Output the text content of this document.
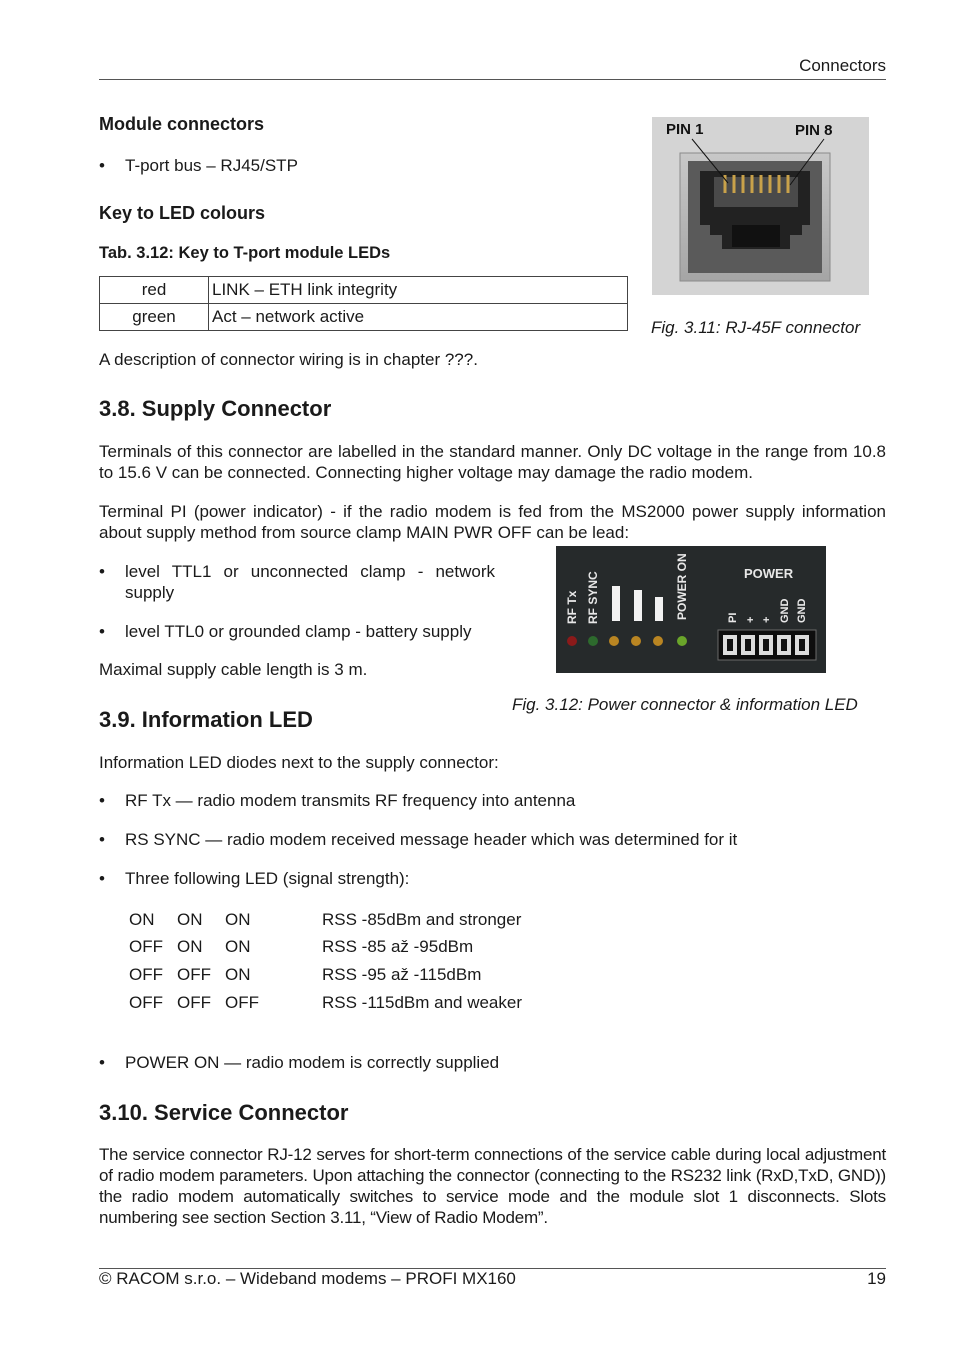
Connectors
Module connectors
• T-port bus – RJ45/STP
Key to LED colours
Tab. 3.12: Key to T-port module LEDs
red	LINK – ETH link integrity
green	Act – network active
A description of connector wiring is in chapter ???.
PIN 1	PIN 8
Fig. 3.11: RJ-45F connector
3.8. Supply Connector
Terminals of this connector are labelled in the standard manner. Only DC voltage in the range from 10.8 to 15.6 V can be connected. Connecting higher voltage may damage the radio modem.
Terminal PI (power indicator) - if the radio modem is fed from the MS2000 power supply information about supply method from source clamp MAIN PWR OFF can be lead:
• level TTL1 or unconnected clamp - network supply
• level TTL0 or grounded clamp - battery supply
Maximal supply cable length is 3 m.
RF Tx RF SYNC	POWER ON	POWER
PI + + GND GND
Fig. 3.12: Power connector & information LED
3.9. Information LED
Information LED diodes next to the supply connector:
• RF Tx — radio modem transmits RF frequency into antenna
• RS SYNC — radio modem received message header which was determined for it
• Three following LED (signal strength):
ON ON ON	RSS -85dBm and stronger
OFF ON ON	RSS -85 až -95dBm
OFF OFF ON	RSS -95 až -115dBm
OFF OFF OFF	RSS -115dBm and weaker
• POWER ON — radio modem is correctly supplied
3.10. Service Connector
The service connector RJ-12 serves for short-term connections of the service cable during local adjustment of radio modem parameters. Upon attaching the connector (connecting to the RS232 link (RxD,TxD, GND)) the radio modem automatically switches to service mode and the module slot 1 disconnects. Slots numbering see section Section 3.11, “View of Radio Modem”.
© RACOM s.r.o. – Wideband modems – PROFI MX160	19
